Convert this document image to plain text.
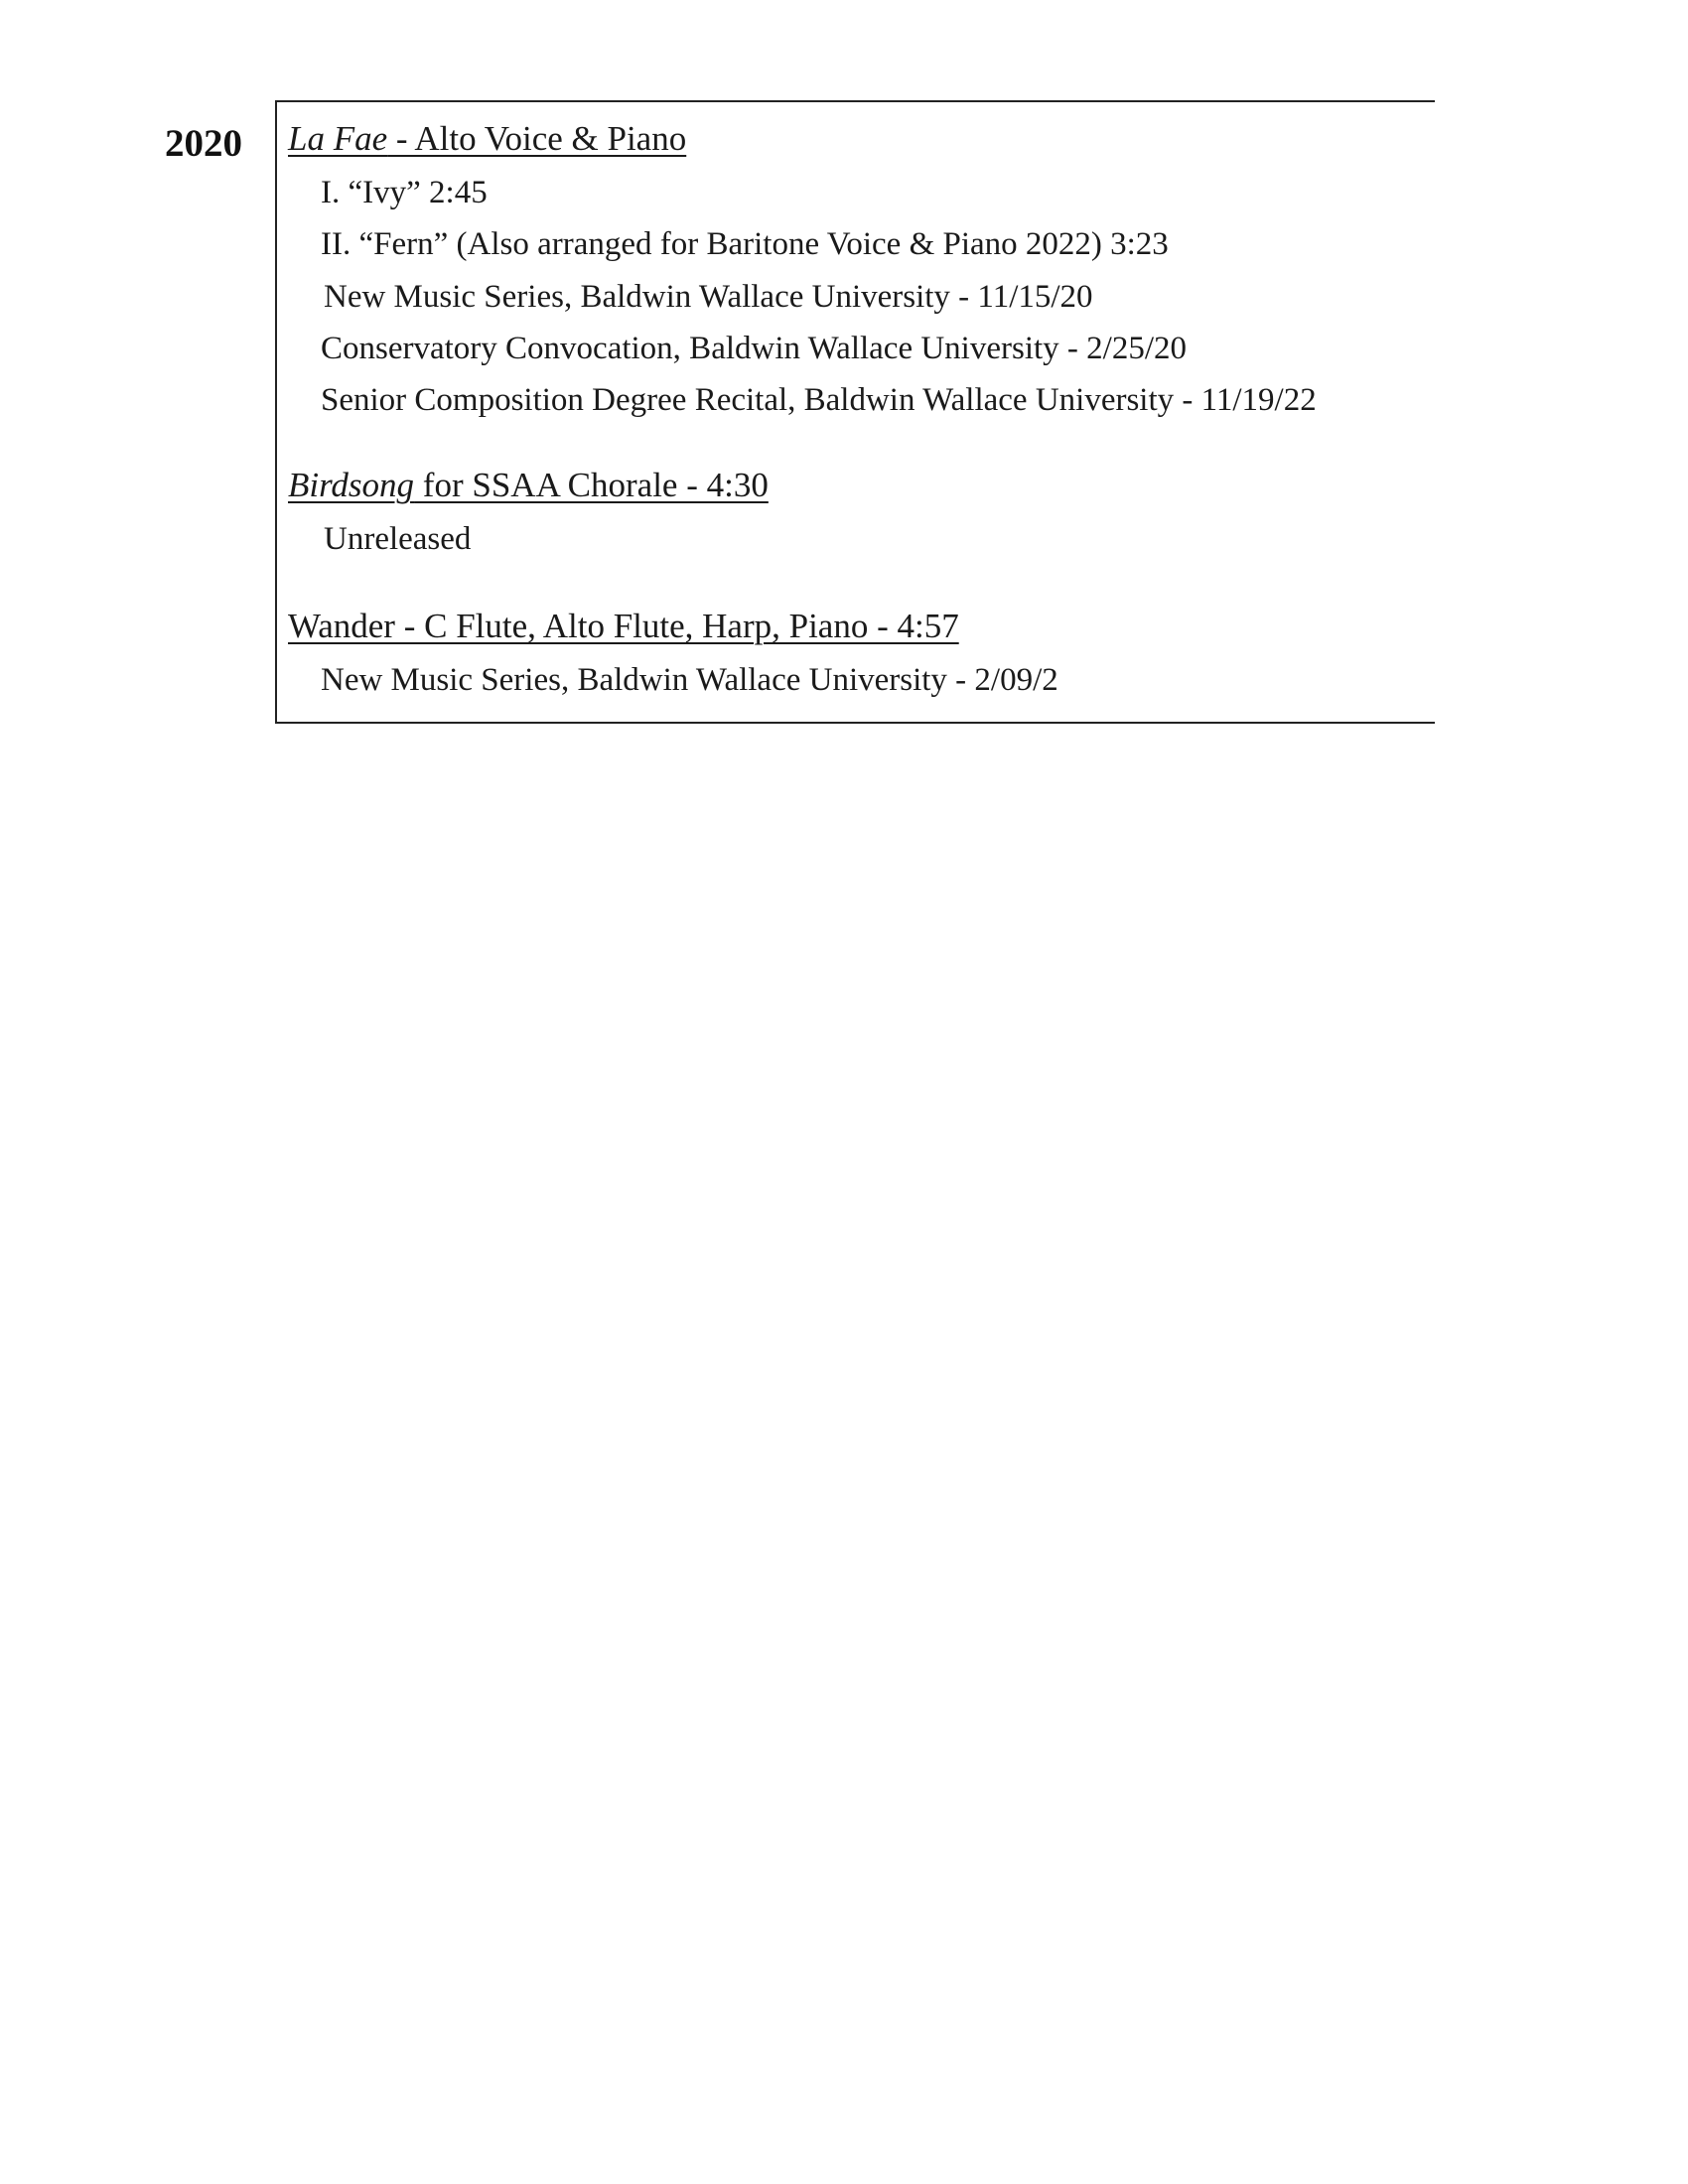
2020 La Fae - Alto Voice & Piano
I. “Ivy” 2:45
II. “Fern” (Also arranged for Baritone Voice & Piano 2022) 3:23
New Music Series, Baldwin Wallace University - 11/15/20
Conservatory Convocation, Baldwin Wallace University - 2/25/20
Senior Composition Degree Recital, Baldwin Wallace University - 11/19/22
Birdsong for SSAA Chorale - 4:30
Unreleased
Wander - C Flute, Alto Flute, Harp, Piano - 4:57
New Music Series, Baldwin Wallace University - 2/09/2
